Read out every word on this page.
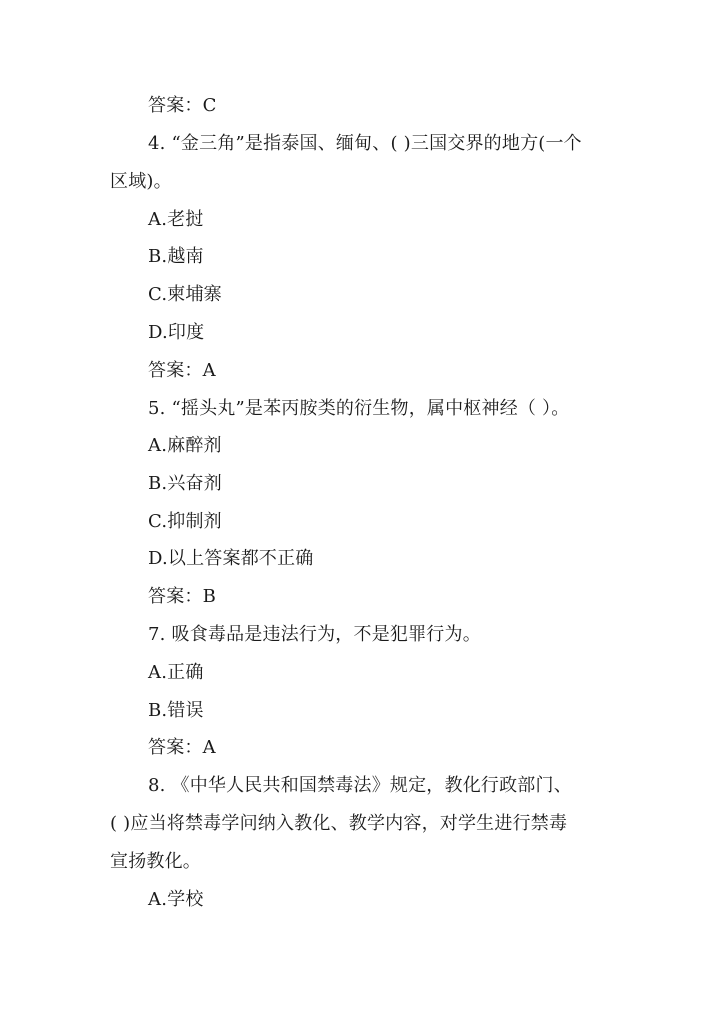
答案：C
4. “金三角”是指泰国、缅甸、( )三国交界的地方(一个
区域)。
A.老挝
B.越南
C.柬埔寨
D.印度
答案：A
5. “摇头丸”是苯丙胺类的衍生物，属中枢神经（ ）。
A.麻醉剂
B.兴奋剂
C.抑制剂
D.以上答案都不正确
答案：B
7. 吸食毒品是违法行为，不是犯罪行为。
A.正确
B.错误
答案：A
8. 《中华人民共和国禁毒法》规定，教化行政部门、
( )应当将禁毒学问纳入教化、教学内容，对学生进行禁毒
宣扬教化。
A.学校
